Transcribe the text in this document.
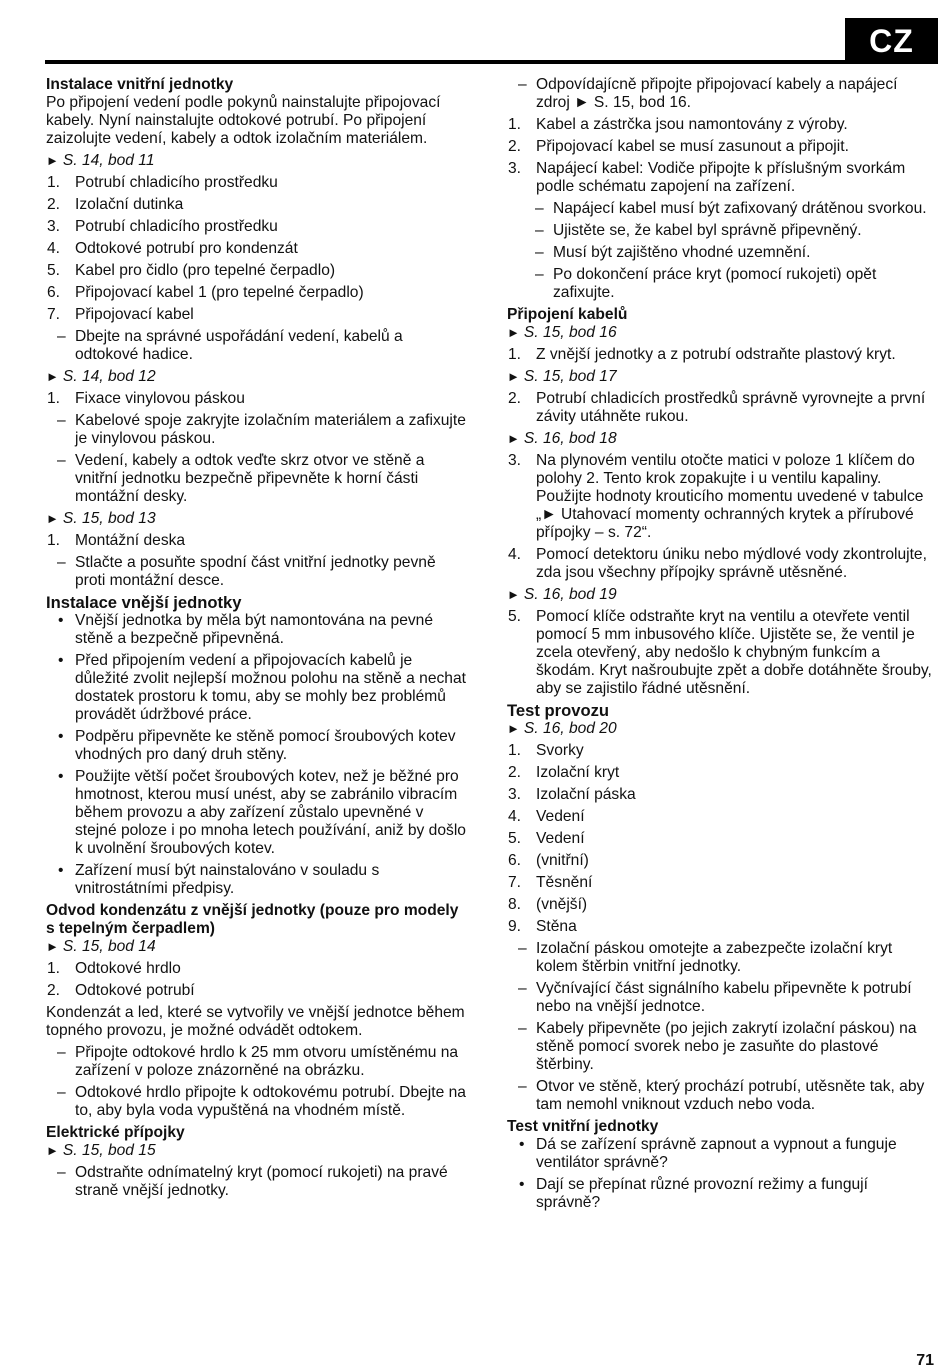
CZ
Instalace vnitřní jednotky
Po připojení vedení podle pokynů nainstalujte připojovací kabely. Nyní nainstalujte odtokové potrubí. Po připojení zaizolujte vedení, kabely a odtok izolačním materiálem.
► S. 14, bod 11
1. Potrubí chladicího prostředku
2. Izolační dutinka
3. Potrubí chladicího prostředku
4. Odtokové potrubí pro kondenzát
5. Kabel pro čidlo (pro tepelné čerpadlo)
6. Připojovací kabel 1 (pro tepelné čerpadlo)
7. Připojovací kabel
– Dbejte na správné uspořádání vedení, kabelů a odtokové hadice.
► S. 14, bod 12
1. Fixace vinylovou páskou
– Kabelové spoje zakryjte izolačním materiálem a zafixujte je vinylovou páskou.
– Vedení, kabely a odtok veďte skrz otvor ve stěně a vnitřní jednotku bezpečně připevněte k horní části montážní desky.
► S. 15, bod 13
1. Montážní deska
– Stlačte a posuňte spodní část vnitřní jednotky pevně proti montážní desce.
Instalace vnější jednotky
• Vnější jednotka by měla být namontována na pevné stěně a bezpečně připevněná.
• Před připojením vedení a připojovacích kabelů je důležité zvolit nejlepší možnou polohu na stěně a nechat dostatek prostoru k tomu, aby se mohly bez problémů provádět údržbové práce.
• Podpěru připevněte ke stěně pomocí šroubových kotev vhodných pro daný druh stěny.
• Použijte větší počet šroubových kotev, než je běžné pro hmotnost, kterou musí unést, aby se zabránilo vibracím během provozu a aby zařízení zůstalo upevněné v stejné poloze i po mnoha letech používání, aniž by došlo k uvolnění šroubových kotev.
• Zařízení musí být nainstalováno v souladu s vnitrostátními předpisy.
Odvod kondenzátu z vnější jednotky (pouze pro modely s tepelným čerpadlem)
► S. 15, bod 14
1. Odtokové hrdlo
2. Odtokové potrubí
Kondenzát a led, které se vytvořily ve vnější jednotce během topného provozu, je možné odvádět odtokem.
– Připojte odtokové hrdlo k 25 mm otvoru umístěnému na zařízení v poloze znázorněné na obrázku.
– Odtokové hrdlo připojte k odtokovému potrubí. Dbejte na to, aby byla voda vypuštěná na vhodném místě.
Elektrické přípojky
► S. 15, bod 15
– Odstraňte odnímatelný kryt (pomocí rukojeti) na pravé straně vnější jednotky.
– Odpovídajícně připojte připojovací kabely a napájecí zdroj ► S. 15, bod 16.
1. Kabel a zástrčka jsou namontovány z výroby.
2. Připojovací kabel se musí zasunout a připojit.
3. Napájecí kabel: Vodiče připojte k příslušným svorkám podle schématu zapojení na zařízení.
– Napájecí kabel musí být zafixovaný drátěnou svorkou.
– Ujistěte se, že kabel byl správně připevněný.
– Musí být zajištěno vhodné uzemnění.
– Po dokončení práce kryt (pomocí rukojeti) opět zafixujte.
Připojení kabelů
► S. 15, bod 16
1. Z vnější jednotky a z potrubí odstraňte plastový kryt.
► S. 15, bod 17
2. Potrubí chladicích prostředků správně vyrovnejte a první závity utáhněte rukou.
► S. 16, bod 18
3. Na plynovém ventilu otočte matici v poloze 1 klíčem do polohy 2. Tento krok zopakujte i u ventilu kapaliny. Použijte hodnoty krouticího momentu uvedené v tabulce „► Utahovací momenty ochranných krytek a přírubové přípojky – s. 72“.
4. Pomocí detektoru úniku nebo mýdlové vody zkontrolujte, zda jsou všechny přípojky správně utěsněné.
► S. 16, bod 19
5. Pomocí klíče odstraňte kryt na ventilu a otevřete ventil pomocí 5 mm inbusového klíče. Ujistěte se, že ventil je zcela otevřený, aby nedošlo k chybným funkcím a škodám. Kryt našroubujte zpět a dobře dotáhněte šrouby, aby se zajistilo řádné utěsnění.
Test provozu
► S. 16, bod 20
1. Svorky
2. Izolační kryt
3. Izolační páska
4. Vedení
5. Vedení
6. (vnitřní)
7. Těsnění
8. (vnější)
9. Stěna
– Izolační páskou omotejte a zabezpečte izolační kryt kolem štěrbin vnitřní jednotky.
– Vyčnívající část signálního kabelu připevněte k potrubí nebo na vnější jednotce.
– Kabely připevněte (po jejich zakrytí izolační páskou) na stěně pomocí svorek nebo je zasuňte do plastové štěrbiny.
– Otvor ve stěně, který prochází potrubí, utěsněte tak, aby tam nemohl vniknout vzduch nebo voda.
Test vnitřní jednotky
• Dá se zařízení správně zapnout a vypnout a funguje ventilátor správně?
• Dají se přepínat různé provozní režimy a fungují správně?
71
